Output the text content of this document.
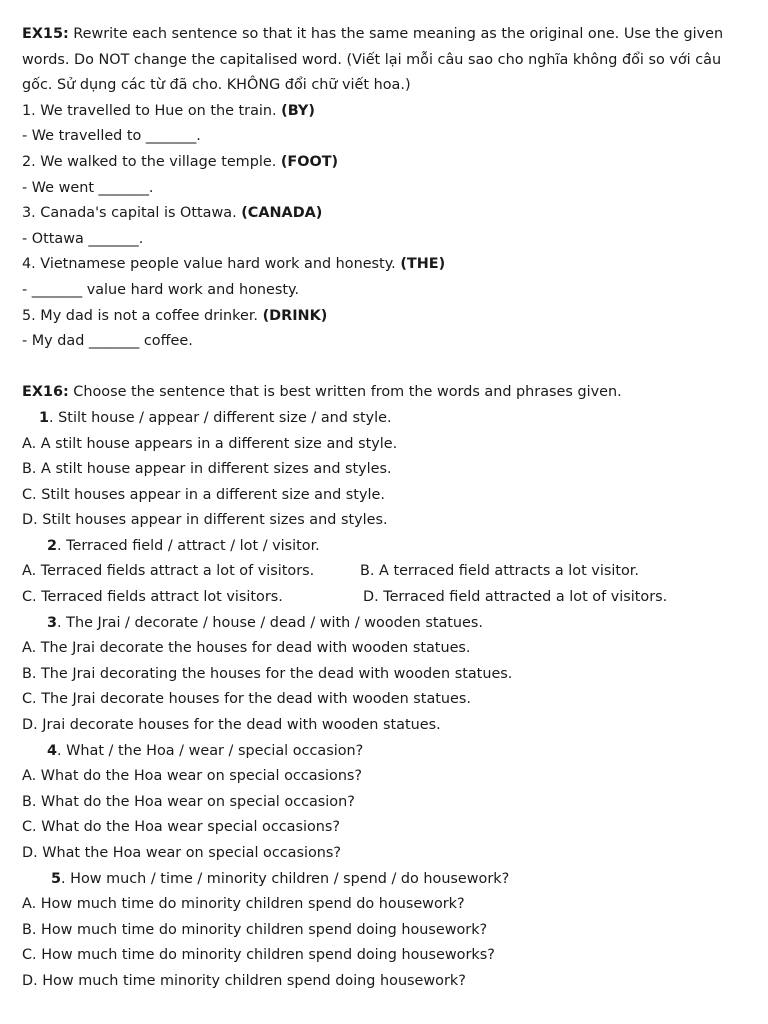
EX15: Rewrite each sentence so that it has the same meaning as the original one. Use the given words. Do NOT change the capitalised word. (Viết lại mỗi câu sao cho nghĩa không đổi so với câu gốc. Sử dụng các từ đã cho. KHÔNG đổi chữ viết hoa.)
1. We travelled to Hue on the train. (BY)
- We travelled to _______.
2. We walked to the village temple. (FOOT)
- We went _______.
3. Canada's capital is Ottawa. (CANADA)
- Ottawa _______.
4. Vietnamese people value hard work and honesty. (THE)
- _______ value hard work and honesty.
5. My dad is not a coffee drinker. (DRINK)
- My dad _______ coffee.
EX16: Choose the sentence that is best written from the words and phrases given.
1. Stilt house / appear / different size / and style.
A. A stilt house appears in a different size and style.
B. A stilt house appear in different sizes and styles.
C. Stilt houses appear in a different size and style.
D. Stilt houses appear in different sizes and styles.
2. Terraced field / attract / lot / visitor.
A. Terraced fields attract a lot of visitors.	B. A terraced field attracts a lot visitor.
C. Terraced fields attract lot visitors.	D. Terraced field attracted a lot of visitors.
3. The Jrai / decorate / house / dead / with / wooden statues.
A. The Jrai decorate the houses for dead with wooden statues.
B. The Jrai decorating the houses for the dead with wooden statues.
C. The Jrai decorate houses for the dead with wooden statues.
D. Jrai decorate houses for the dead with wooden statues.
4. What / the Hoa / wear / special occasion?
A. What do the Hoa wear on special occasions?
B. What do the Hoa wear on special occasion?
C. What do the Hoa wear special occasions?
D. What the Hoa wear on special occasions?
5. How much / time / minority children / spend / do housework?
A. How much time do minority children spend do housework?
B. How much time do minority children spend doing housework?
C. How much time do minority children spend doing houseworks?
D. How much time minority children spend doing housework?
